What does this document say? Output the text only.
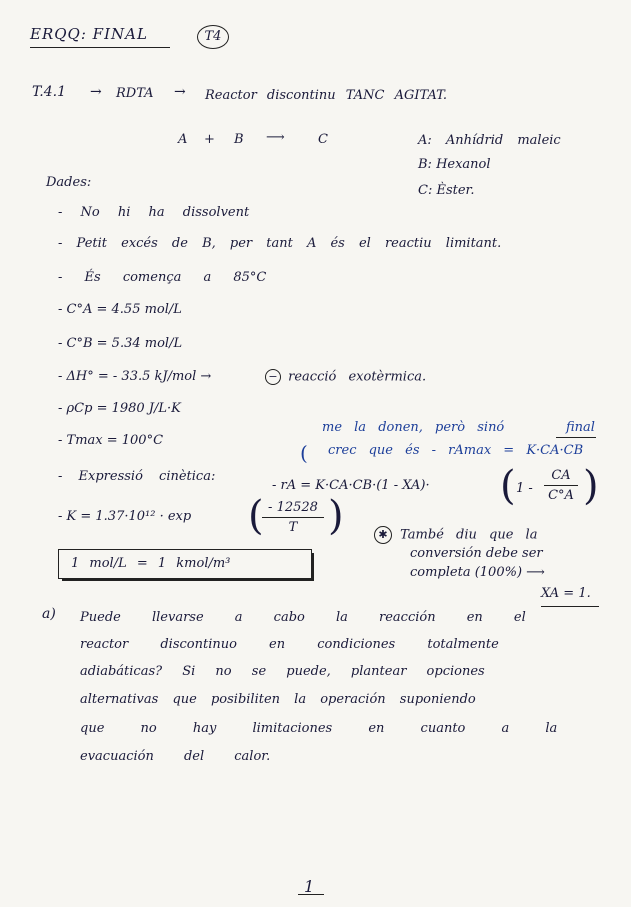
ERQQ: FINAL	T4
T.4.1 → RDTA → Reactor discontinu TANC AGITAT.
A + B ⟶	C	A: Anhídrid maleic
B: Hexanol
C: Èster.
Dades:
- No hi ha dissolvent
- Petit excés de B, per tant A és el reactiu limitant.
- És comença a 85°C
- C°A = 4.55 mol/L
- C°B = 5.34 mol/L
- ΔH° = - 33.5 kJ/mol →	− reacció exotèrmica.
- ρCp = 1980 J/L·K
- Tmax = 100°C
me la donen, però sinó	final
( crec que és - rAmax = K·CA·CB
- Expressió cinètica:
- rA = K·CA·CB·(1 - XA)· ( 1 -
CA
C°A )
- K = 1.37·10¹² · exp ( - 12528
T )	✱ També diu que la
conversión debe ser
completa (100%) ⟶
XA = 1.
1 mol/L = 1 kmol/m³
a) Puede llevarse a cabo la reacción en el
reactor discontinuo en condiciones totalmente
adiabáticas? Si no se puede, plantear opciones
alternativas que posibiliten la operación suponiendo
que no hay limitaciones en cuanto a la
evacuación del calor.
1
